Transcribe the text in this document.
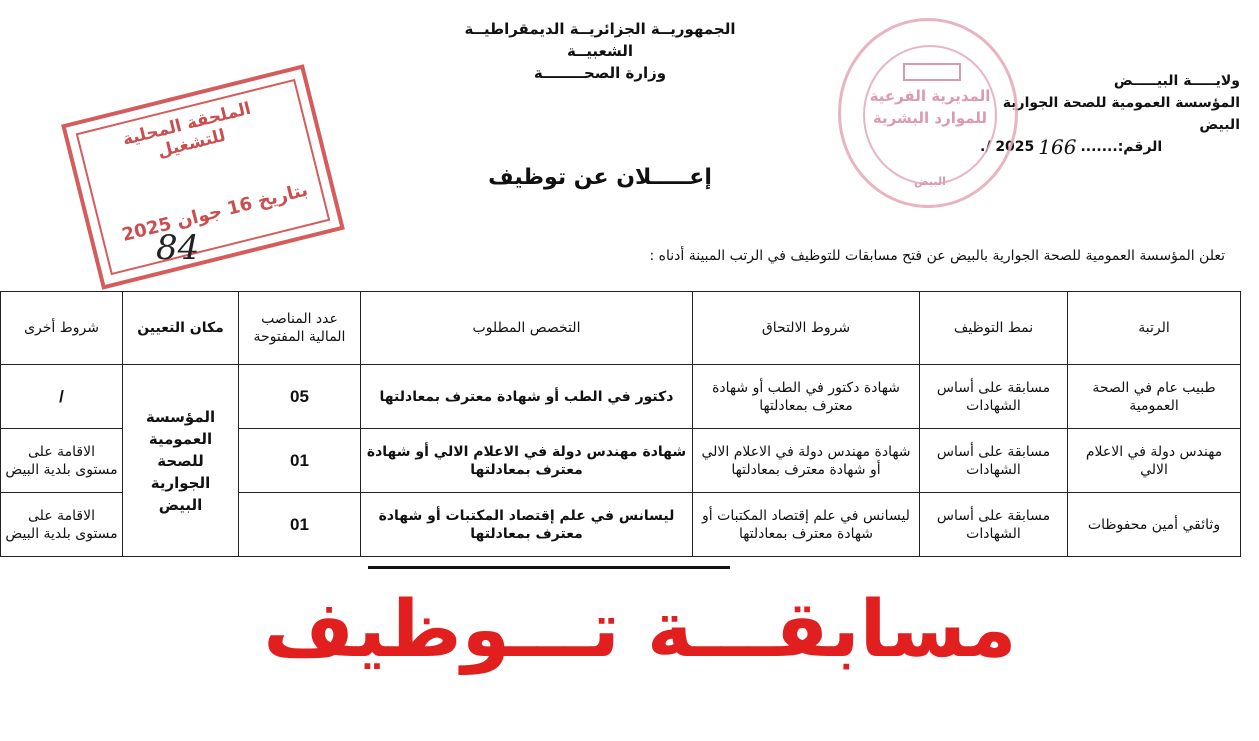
الجمهوريــة الجزائريــة الديمقراطيــة الشعبيــة
وزارة الصحــــــــة	ولايـــــة البيـــــض
المؤسسة العمومية للصحة الجوارية البيض
الرقم:.......
166
2025 /.
المديرية الفرعية للموارد البشرية
البيض
الملحقة المحلية للتشغيل
بتاريخ 16 جوان 2025
84
إعـــــلان عن توظيف
تعلن المؤسسة العمومية للصحة الجوارية بالبيض عن فتح مسابقات للتوظيف في الرتب المبينة أدناه :
الرتبة	نمط التوظيف	شروط الالتحاق	التخصص المطلوب	عدد المناصب المالية المفتوحة	مكان التعيين	شروط أخرى
طبيب عام في الصحة العمومية	مسابقة على أساس الشهادات	شهادة دكتور في الطب أو شهادة معترف بمعادلتها	دكتور في الطب أو شهادة معترف بمعادلتها	05	المؤسسة العمومية للصحة الجوارية البيض	/
مهندس دولة في الاعلام الالي	مسابقة على أساس الشهادات	شهادة مهندس دولة في الاعلام الالي أو شهادة معترف بمعادلتها	شهادة مهندس دولة في الاعلام الالي أو شهادة معترف بمعادلتها	01		الاقامة على مستوى بلدية البيض
وثائقي أمين محفوظات	مسابقة على أساس الشهادات	ليسانس في علم إقتصاد المكتبات أو شهادة معترف بمعادلتها	ليسانس في علم إقتصاد المكتبات أو شهادة معترف بمعادلتها	01		الاقامة على مستوى بلدية البيض
مسابقـــة تـــوظيف
